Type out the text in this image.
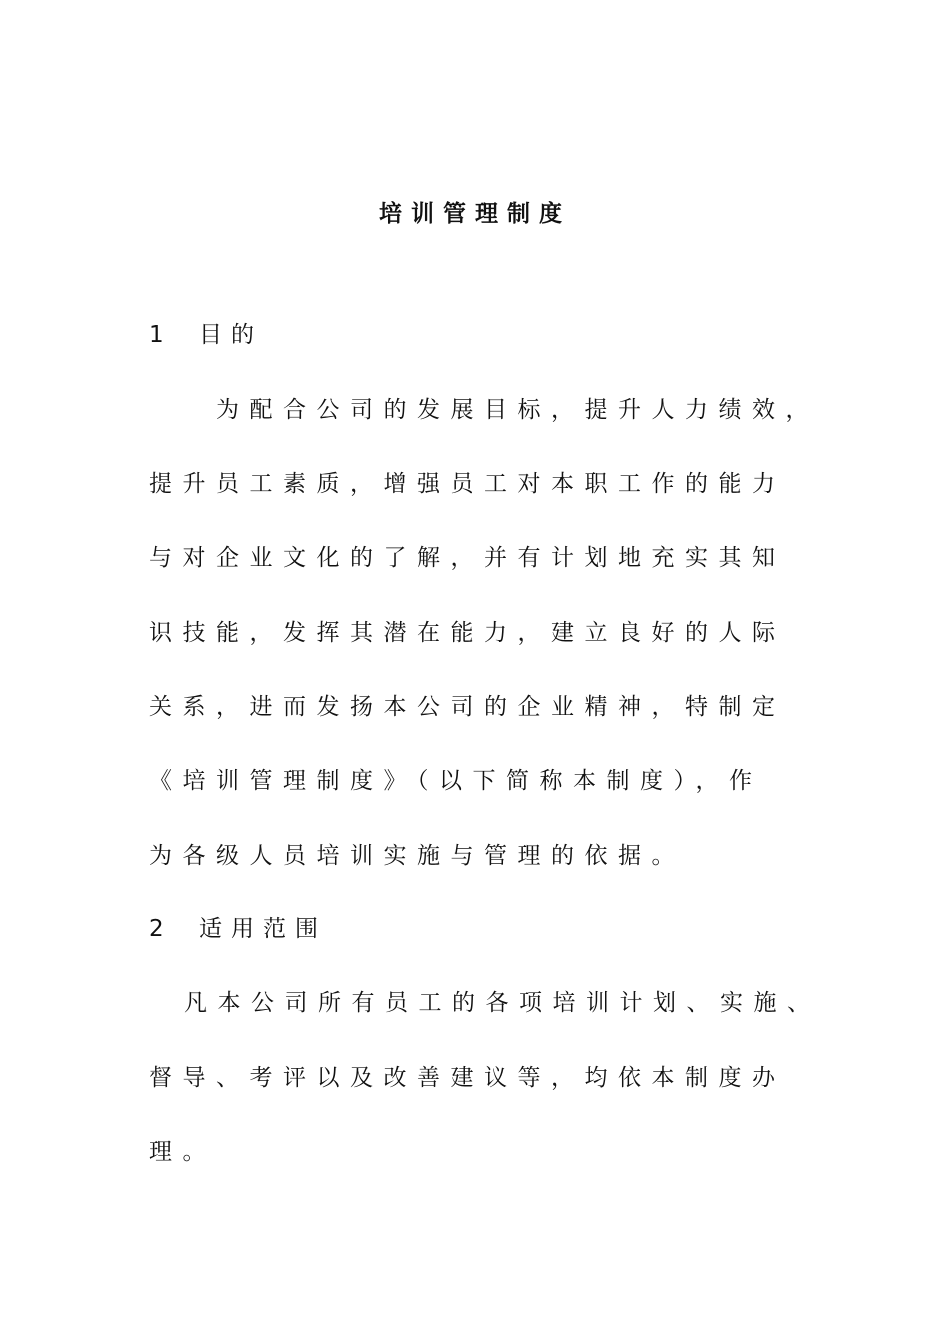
培训管理制度
1 目的
为配合公司的发展目标，提升人力绩效，
提升员工素质，增强员工对本职工作的能力
与对企业文化的了解，并有计划地充实其知
识技能，发挥其潜在能力，建立良好的人际
关系，进而发扬本公司的企业精神，特制定
《培训管理制度》（以下简称本制度），作
为各级人员培训实施与管理的依据。
2 适用范围
凡本公司所有员工的各项培训计划、实施、
督导、考评以及改善建议等，均依本制度办
理。
